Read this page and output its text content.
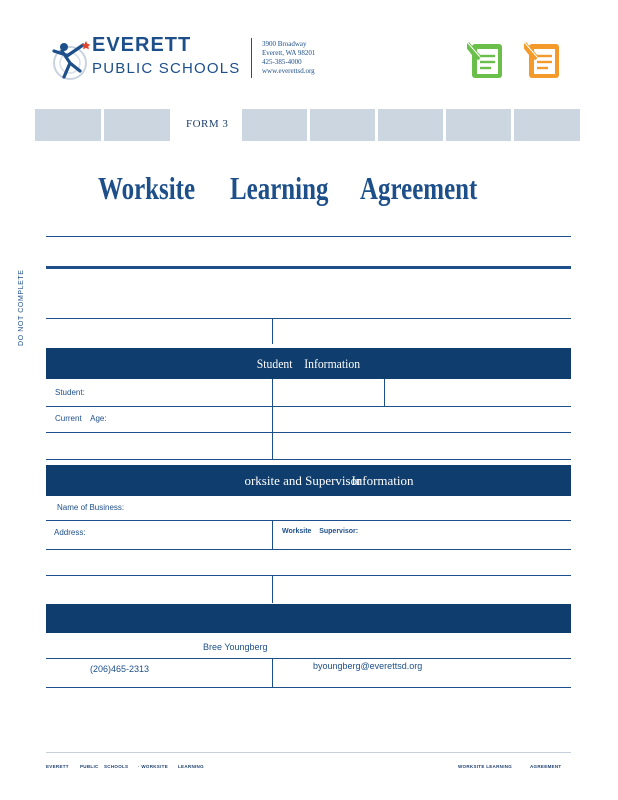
EVERETT
PUBLIC SCHOOLS
3900 Broadway
Everett, WA 98201
425-385-4000
www.everettsd.org
FORM 3
Worksite Learning Agreement
DO NOT COMPLETE
Student    Information
Student:
Current    Age:

orksite and SupervisorInformation

Name of Business:
Address:	Worksite    Supervisor:
Bree Youngberg
(206)465-2313	byoungberg@everettsd.org
EVERETT PUBLIC SCHOOLS · WORKSITE LEARNING	WORKSITE LEARNING	AGREEMENT
